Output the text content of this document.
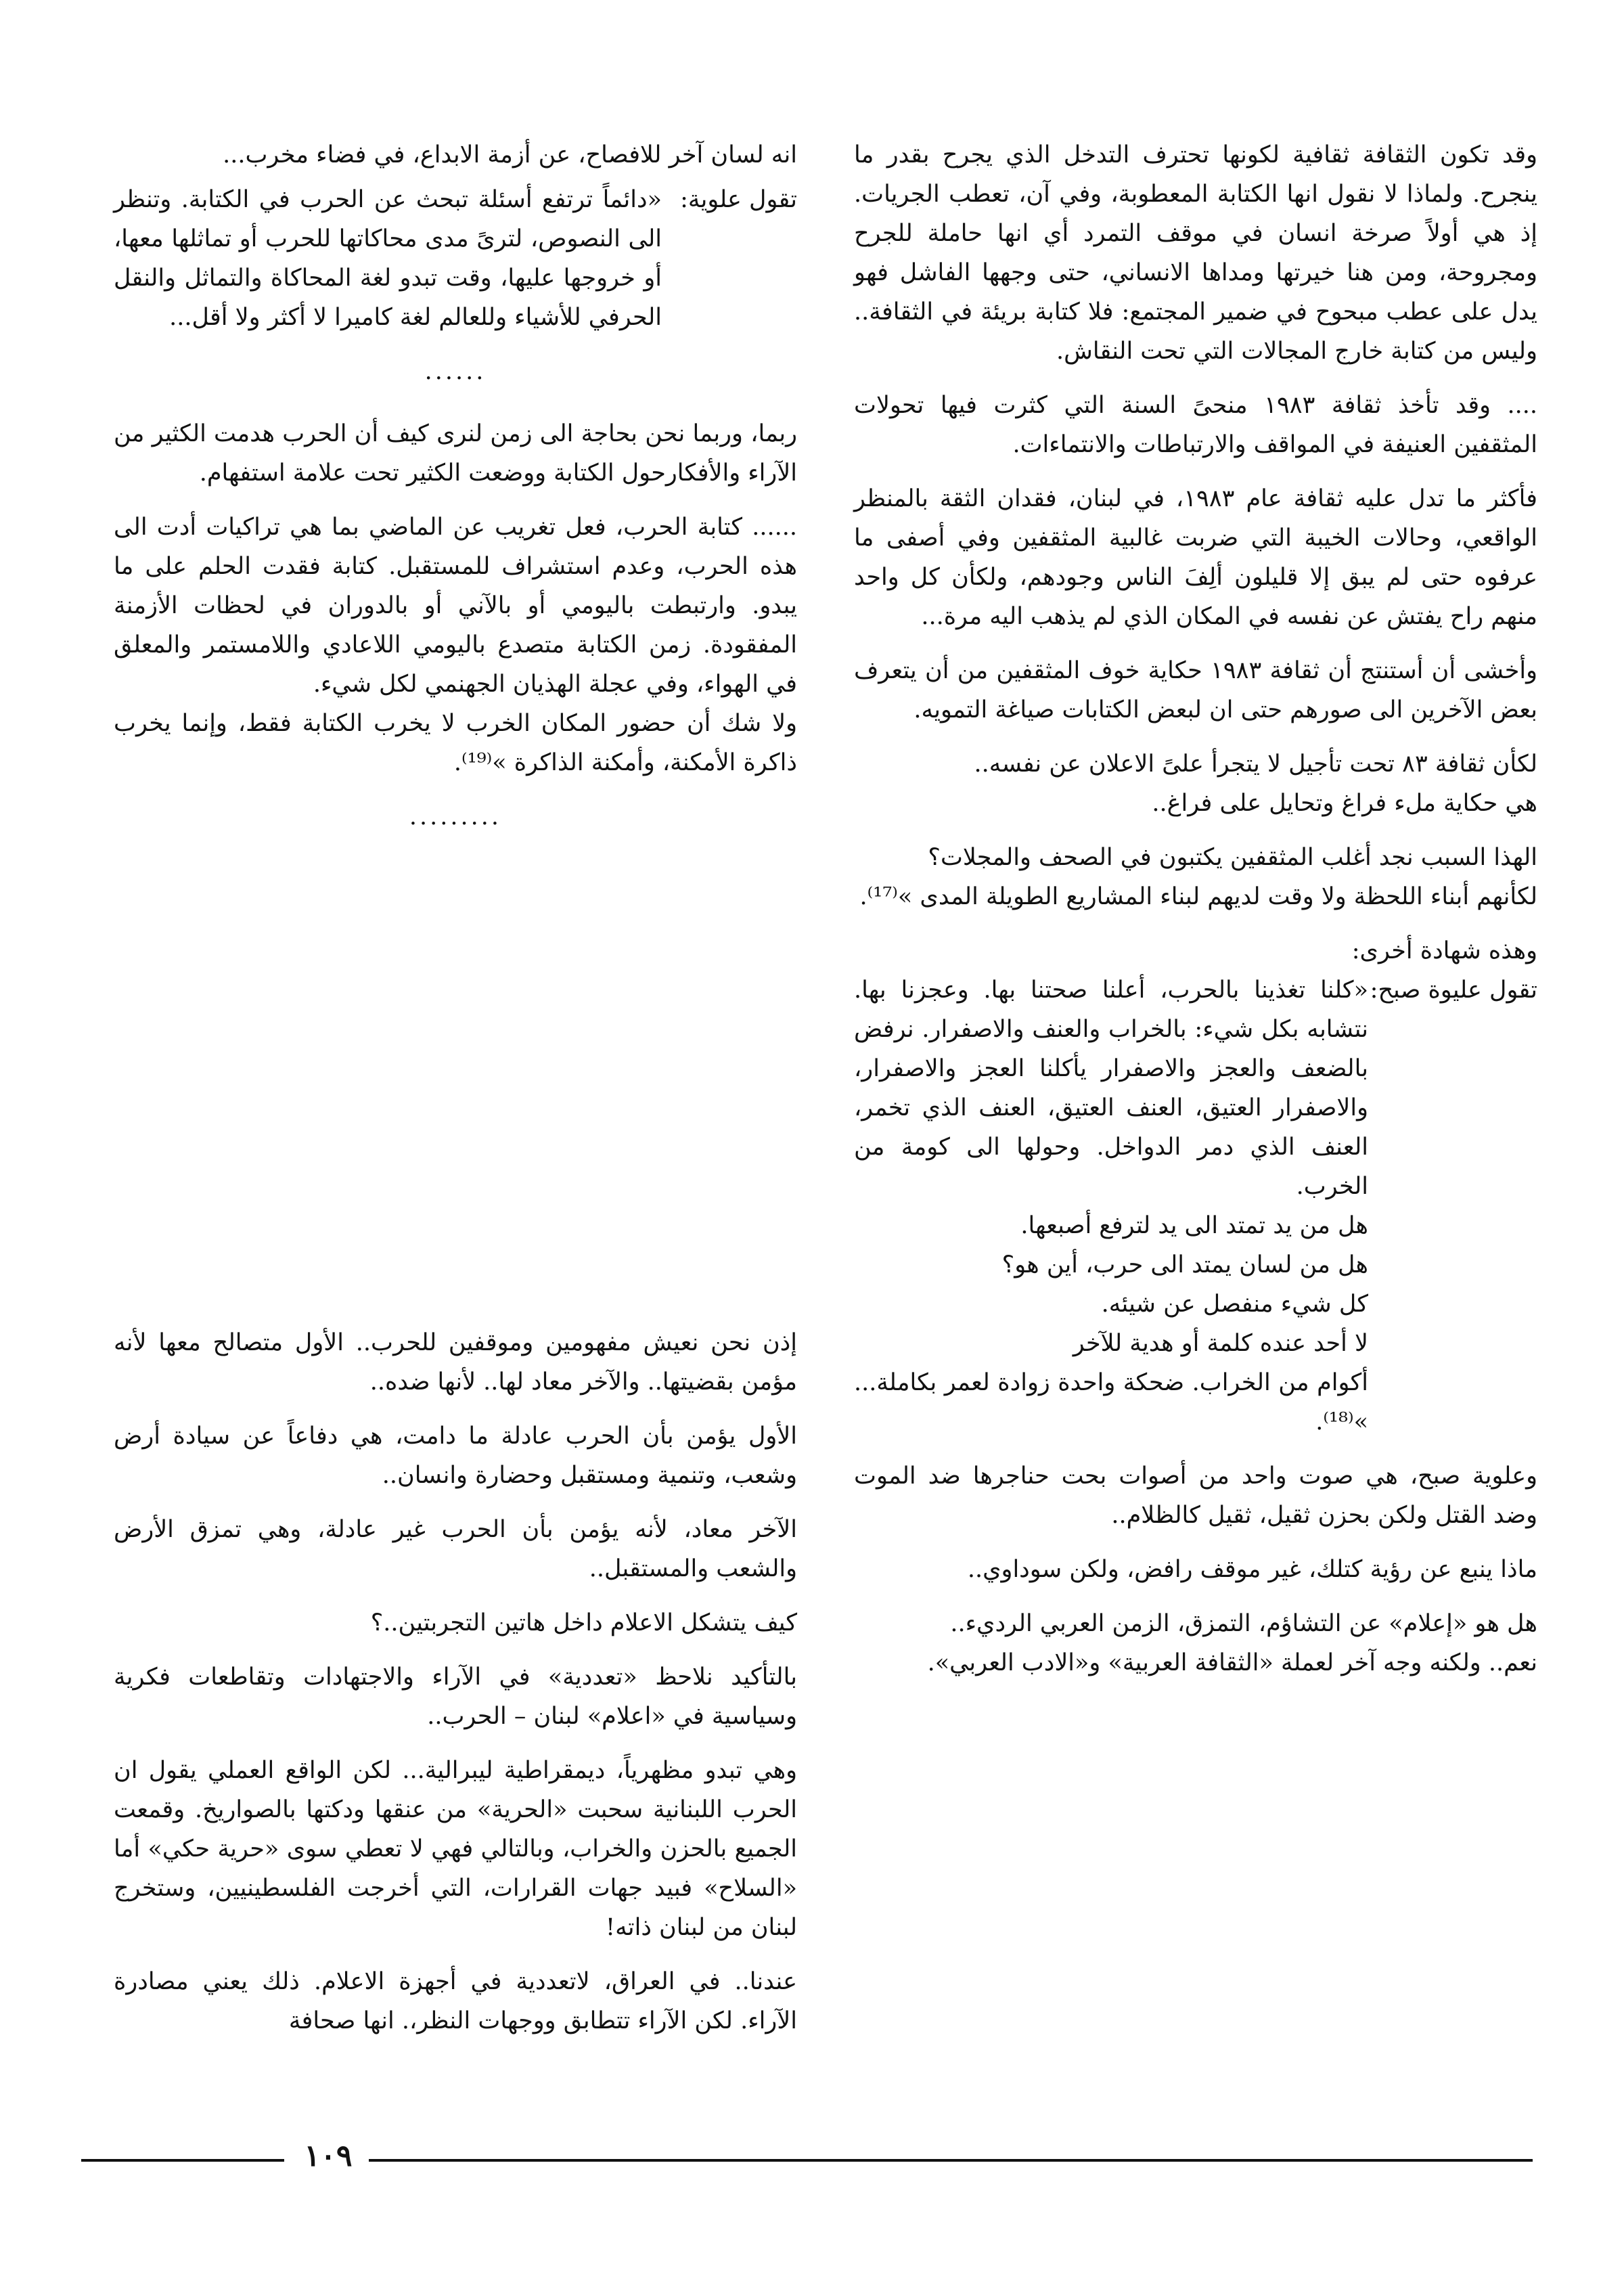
وقد تكون الثقافة ثقافية لكونها تحترف التدخل الذي يجرح بقدر ما ينجرح. ولماذا لا نقول انها الكتابة المعطوبة، وفي آن، تعطب الجريات. إذ هي أولاً صرخة انسان في موقف التمرد أي انها حاملة للجرح ومجروحة، ومن هنا خيرتها ومداها الانساني، حتى وجهها الفاشل فهو يدل على عطب مبحوح في ضمير المجتمع: فلا كتابة بريئة في الثقافة.. وليس من كتابة خارج المجالات التي تحت النقاش.

.... وقد تأخذ ثقافة ١٩٨٣ منحىً السنة التي كثرت فيها تحولات المثقفين العنيفة في المواقف والارتباطات والانتماءات.

فأكثر ما تدل عليه ثقافة عام ١٩٨٣، في لبنان، فقدان الثقة بالمنظر الواقعي، وحالات الخيبة التي ضربت غالبية المثقفين وفي أصفى ما عرفوه حتى لم يبق إلا قليلون ألِفَ الناس وجودهم، ولكأن كل واحد منهم راح يفتش عن نفسه في المكان الذي لم يذهب اليه مرة...

وأخشى أن أستنتج أن ثقافة ١٩٨٣ حكاية خوف المثقفين من أن يتعرف بعض الآخرين الى صورهم حتى ان لبعض الكتابات صياغة التمويه.

لكأن ثقافة ٨٣ تحت تأجيل لا يتجرأ علىً الاعلان عن نفسه..

هي حكاية ملء فراغ وتحايل على فراغ..

الهذا السبب نجد أغلب المثقفين يكتبون في الصحف والمجلات؟

لكأنهم أبناء اللحظة ولا وقت لديهم لبناء المشاريع الطويلة المدى »⁽¹⁷⁾.

وهذه شهادة أخرى:

تقول عليوة صبح:
«كلنا تغذينا بالحرب، أعلنا صحتنا بها. وعجزنا بها. نتشابه بكل شيء: بالخراب والعنف والاصفرار. نرفض بالضعف والعجز والاصفرار يأكلنا العجز والاصفرار، والاصفرار العتيق، العنف العتيق، العنف الذي تخمر، العنف الذي دمر الدواخل. وحولها الى كومة من الخرب.
هل من يد تمتد الى يد لترفع أصبعها.
هل من لسان يمتد الى حرب، أين هو؟
كل شيء منفصل عن شيئه.
لا أحد عنده كلمة أو هدية للآخر
أكوام من الخراب. ضحكة واحدة زوادة لعمر بكاملة... »⁽¹⁸⁾.

وعلوية صبح، هي صوت واحد من أصوات بحت حناجرها ضد الموت وضد القتل ولكن بحزن ثقيل، ثقيل كالظلام..

ماذا ينبع عن رؤية كتلك، غير موقف رافض، ولكن سوداوي..

هل هو «إعلام» عن التشاؤم، التمزق، الزمن العربي الرديء..

نعم.. ولكنه وجه آخر لعملة «الثقافة العربية» و«الادب العربي».

انه لسان آخر للافصاح، عن أزمة الابداع، في فضاء مخرب...

تقول علوية:
«دائماً ترتفع أسئلة تبحث عن الحرب في الكتابة. وتنظر الى النصوص، لترىً مدى محاكاتها للحرب أو تماثلها معها، أو خروجها عليها، وقت تبدو لغة المحاكاة والتماثل والنقل الحرفي للأشياء وللعالم لغة كاميرا لا أكثر ولا أقل...
......

ربما، وربما نحن بحاجة الى زمن لنرى كيف أن الحرب هدمت الكثير من الآراء والأفكارحول الكتابة ووضعت الكثير تحت علامة استفهام.

...... كتابة الحرب، فعل تغريب عن الماضي بما هي تراكيات أدت الى هذه الحرب، وعدم استشراف للمستقبل. كتابة فقدت الحلم على ما يبدو. وارتبطت باليومي أو بالآني أو بالدوران في لحظات الأزمنة المفقودة. زمن الكتابة متصدع باليومي اللاعادي واللامستمر والمعلق في الهواء، وفي عجلة الهذيان الجهنمي لكل شيء.

ولا شك أن حضور المكان الخرب لا يخرب الكتابة فقط، وإنما يخرب ذاكرة الأمكنة، وأمكنة الذاكرة »⁽¹⁹⁾.

.........

إذن نحن نعيش مفهومين وموقفين للحرب.. الأول متصالح معها لأنه مؤمن بقضيتها.. والآخر معاد لها.. لأنها ضده..

الأول يؤمن بأن الحرب عادلة ما دامت، هي دفاعاً عن سيادة أرض وشعب، وتنمية ومستقبل وحضارة وانسان..

الآخر معاد، لأنه يؤمن بأن الحرب غير عادلة، وهي تمزق الأرض والشعب والمستقبل..

كيف يتشكل الاعلام داخل هاتين التجربتين..؟

بالتأكيد نلاحظ «تعددية» في الآراء والاجتهادات وتقاطعات فكرية وسياسية في «اعلام» لبنان – الحرب..

وهي تبدو مظهرياً، ديمقراطية ليبرالية... لكن الواقع العملي يقول ان الحرب اللبنانية سحبت «الحرية» من عنقها ودكتها بالصواريخ. وقمعت الجميع بالحزن والخراب، وبالتالي فهي لا تعطي سوى «حرية حكي» أما «السلاح» فبيد جهات القرارات، التي أخرجت الفلسطينيين، وستخرج لبنان من لبنان ذاته!

عندنا.. في العراق، لاتعددية في أجهزة الاعلام. ذلك يعني مصادرة الآراء. لكن الآراء تتطابق ووجهات النظر،. انها صحافة

١٠٩
